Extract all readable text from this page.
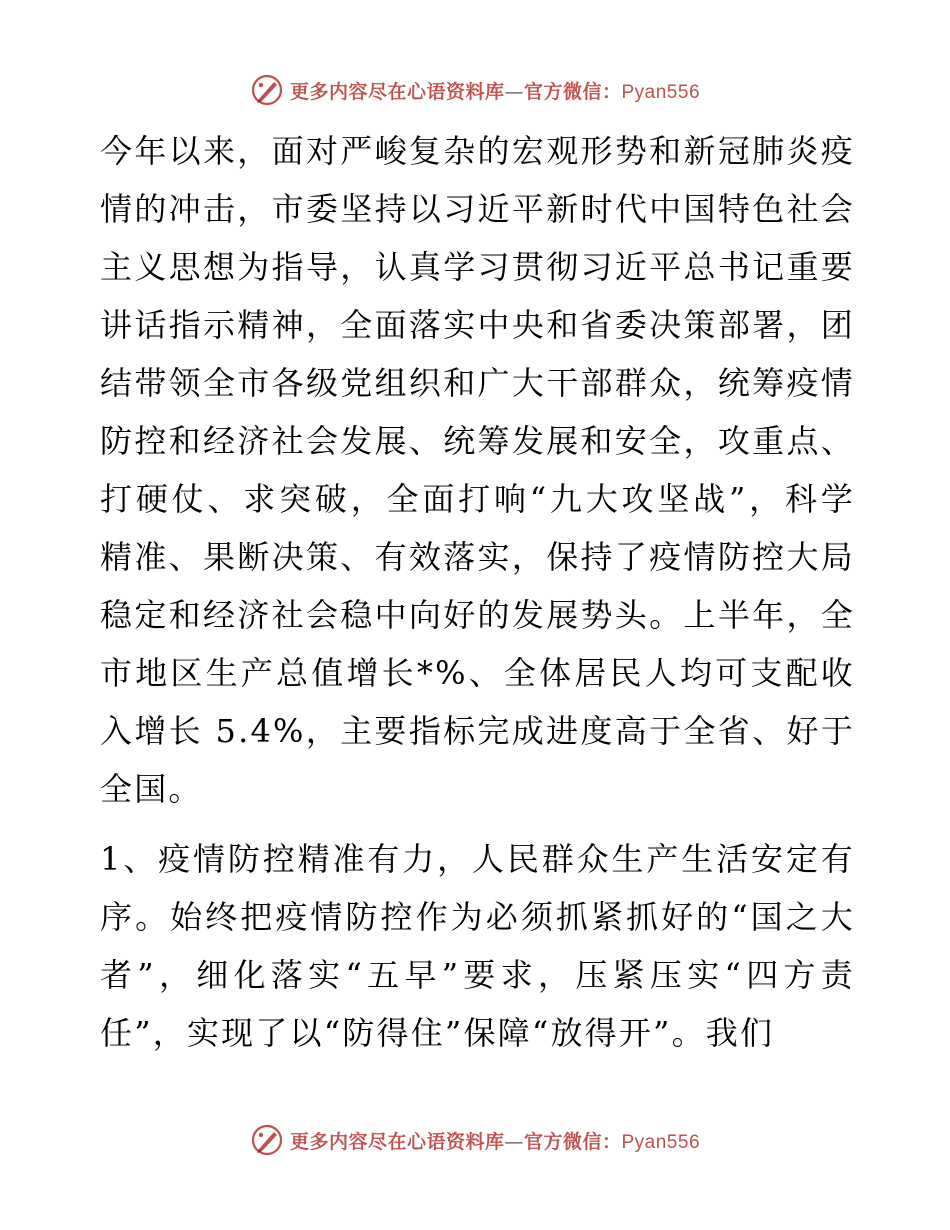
更多内容尽在心语资料库—官方微信：Pyan556

今年以来，面对严峻复杂的宏观形势和新冠肺炎疫情的冲击，市委坚持以习近平新时代中国特色社会主义思想为指导，认真学习贯彻习近平总书记重要讲话指示精神，全面落实中央和省委决策部署，团结带领全市各级党组织和广大干部群众，统筹疫情防控和经济社会发展、统筹发展和安全，攻重点、打硬仗、求突破，全面打响“九大攻坚战”，科学精准、果断决策、有效落实，保持了疫情防控大局稳定和经济社会稳中向好的发展势头。上半年，全市地区生产总值增长*%、全体居民人均可支配收入增长 5.4%，主要指标完成进度高于全省、好于全国。

1、疫情防控精准有力，人民群众生产生活安定有序。始终把疫情防控作为必须抓紧抓好的“国之大者”，细化落实“五早”要求，压紧压实“四方责任”，实现了以“防得住”保障“放得开”。我们

更多内容尽在心语资料库—官方微信：Pyan556
